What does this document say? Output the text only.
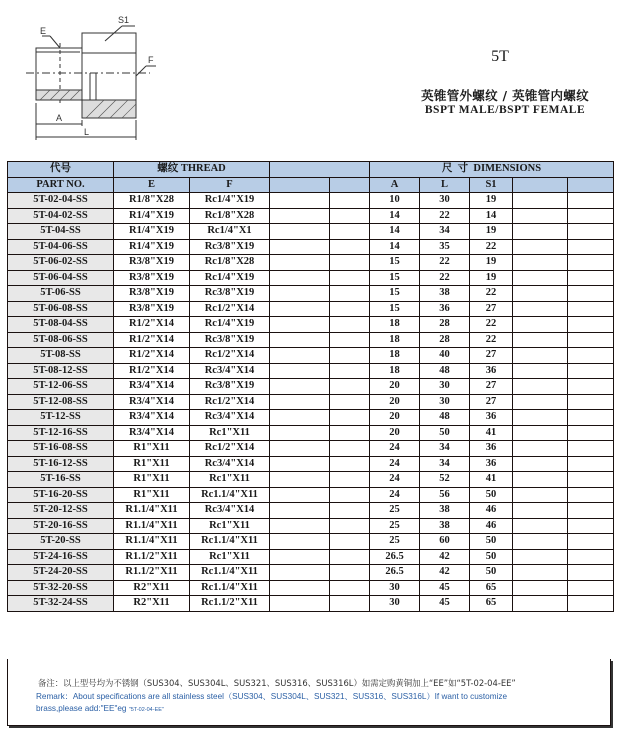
S1
E
F
A
L
5T
英锥管外螺纹 / 英锥管内螺纹
BSPT MALE/BSPT FEMALE
代号	螺纹 THREAD				尺  寸  DIMENSIONS				
PART NO.	E	F			A	L	S1		
5T-02-04-SS	R1/8"X28	Rc1/4"X19			10	30	19		
5T-04-02-SS	R1/4"X19	Rc1/8"X28			14	22	14		
5T-04-SS	R1/4"X19	Rc1/4"X1			14	34	19		
5T-04-06-SS	R1/4"X19	Rc3/8"X19			14	35	22		
5T-06-02-SS	R3/8"X19	Rc1/8"X28			15	22	19		
5T-06-04-SS	R3/8"X19	Rc1/4"X19			15	22	19		
5T-06-SS	R3/8"X19	Rc3/8"X19			15	38	22		
5T-06-08-SS	R3/8"X19	Rc1/2"X14			15	36	27		
5T-08-04-SS	R1/2"X14	Rc1/4"X19			18	28	22		
5T-08-06-SS	R1/2"X14	Rc3/8"X19			18	28	22		
5T-08-SS	R1/2"X14	Rc1/2"X14			18	40	27		
5T-08-12-SS	R1/2"X14	Rc3/4"X14			18	48	36		
5T-12-06-SS	R3/4"X14	Rc3/8"X19			20	30	27		
5T-12-08-SS	R3/4"X14	Rc1/2"X14			20	30	27		
5T-12-SS	R3/4"X14	Rc3/4"X14			20	48	36		
5T-12-16-SS	R3/4"X14	Rc1"X11			20	50	41		
5T-16-08-SS	R1"X11	Rc1/2"X14			24	34	36		
5T-16-12-SS	R1"X11	Rc3/4"X14			24	34	36		
5T-16-SS	R1"X11	Rc1"X11			24	52	41		
5T-16-20-SS	R1"X11	Rc1.1/4"X11			24	56	50		
5T-20-12-SS	R1.1/4"X11	Rc3/4"X14			25	38	46		
5T-20-16-SS	R1.1/4"X11	Rc1"X11			25	38	46		
5T-20-SS	R1.1/4"X11	Rc1.1/4"X11			25	60	50		
5T-24-16-SS	R1.1/2"X11	Rc1"X11			26.5	42	50		
5T-24-20-SS	R1.1/2"X11	Rc1.1/4"X11			26.5	42	50		
5T-32-20-SS	R2"X11	Rc1.1/4"X11			30	45	65		
5T-32-24-SS	R2"X11	Rc1.1/2"X11			30	45	65		
备注：以上型号均为不锈钢（SUS304、SUS304L、SUS321、SUS316、SUS316L）如需定购黄铜加上“EE”如“5T-02-04-EE”
Remark：About specifications are all stainless steel（SUS304、SUS304L、SUS321、SUS316、SUS316L）If want to customize
brass,please add:"EE"eg "5T-02-04-EE"
